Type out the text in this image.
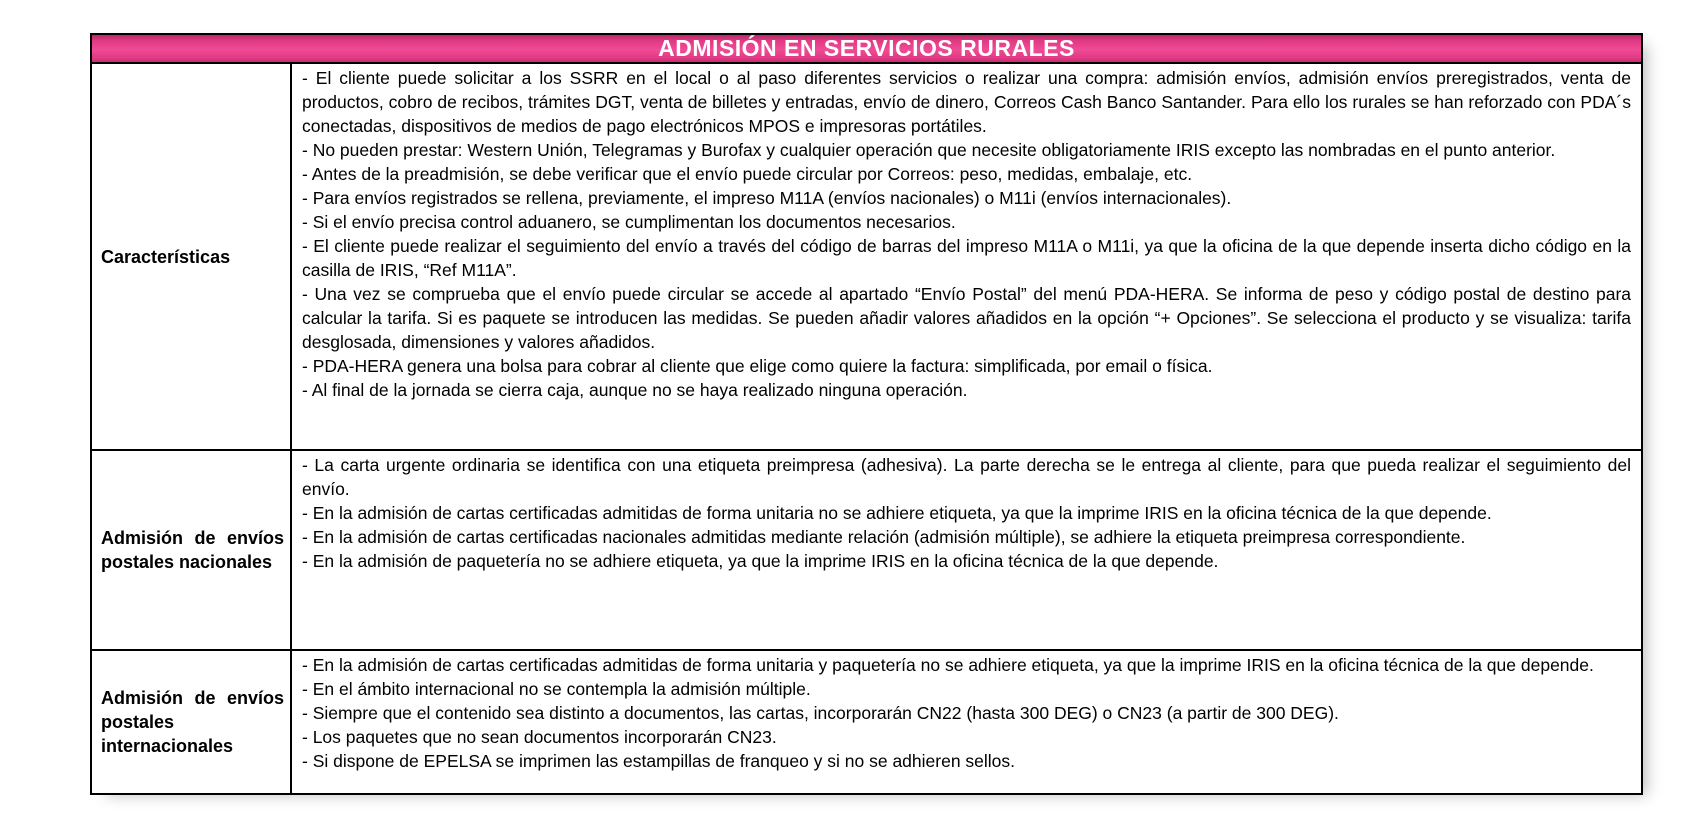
ADMISIÓN EN SERVICIOS RURALES
Características

- El cliente puede solicitar a los SSRR en el local o al paso diferentes servicios o realizar una compra: admisión envíos, admisión envíos preregistrados, venta de productos, cobro de recibos, trámites DGT, venta de billetes y entradas, envío de dinero, Correos Cash Banco Santander. Para ello los rurales se han reforzado con PDA´s conectadas, dispositivos de medios de pago electrónicos MPOS e impresoras portátiles.

- No pueden prestar: Western Unión, Telegramas y Burofax y cualquier operación que necesite obligatoriamente IRIS excepto las nombradas en el punto anterior.

- Antes de la preadmisión, se debe verificar que el envío puede circular por Correos: peso, medidas, embalaje, etc.

- Para envíos registrados se rellena, previamente, el impreso M11A (envíos nacionales) o M11i (envíos internacionales).

- Si el envío precisa control aduanero, se cumplimentan los documentos necesarios.

- El cliente puede realizar el seguimiento del envío a través del código de barras del impreso M11A o M11i, ya que la oficina de la que depende inserta dicho código en la casilla de IRIS, “Ref M11A”.

- Una vez se comprueba que el envío puede circular se accede al apartado “Envío Postal” del menú PDA-HERA. Se informa de peso y código postal de destino para calcular la tarifa. Si es paquete se introducen las medidas. Se pueden añadir valores añadidos en la opción “+ Opciones”. Se selecciona el producto y se visualiza: tarifa desglosada, dimensiones y valores añadidos.

- PDA-HERA genera una bolsa para cobrar al cliente que elige como quiere la factura: simplificada, por email o física.

- Al final de la jornada se cierra caja, aunque no se haya realizado ninguna operación.

Admisión de envíos postales nacionales

- La carta urgente ordinaria se identifica con una etiqueta preimpresa (adhesiva). La parte derecha se le entrega al cliente, para que pueda realizar el seguimiento del envío.

- En la admisión de cartas certificadas admitidas de forma unitaria no se adhiere etiqueta, ya que la imprime IRIS en la oficina técnica de la que depende.

- En la admisión de cartas certificadas nacionales admitidas mediante relación (admisión múltiple), se adhiere la etiqueta preimpresa correspondiente.

- En la admisión de paquetería no se adhiere etiqueta, ya que la imprime IRIS en la oficina técnica de la que depende.

Admisión de envíos postales internacionales

- En la admisión de cartas certificadas admitidas de forma unitaria y paquetería no se adhiere etiqueta, ya que la imprime IRIS en la oficina técnica de la que depende.

- En el ámbito internacional no se contempla la admisión múltiple.

- Siempre que el contenido sea distinto a documentos, las cartas, incorporarán CN22 (hasta 300 DEG) o CN23 (a partir de 300 DEG).

- Los paquetes que no sean documentos incorporarán CN23.

- Si dispone de EPELSA se imprimen las estampillas de franqueo y si no se adhieren sellos.
